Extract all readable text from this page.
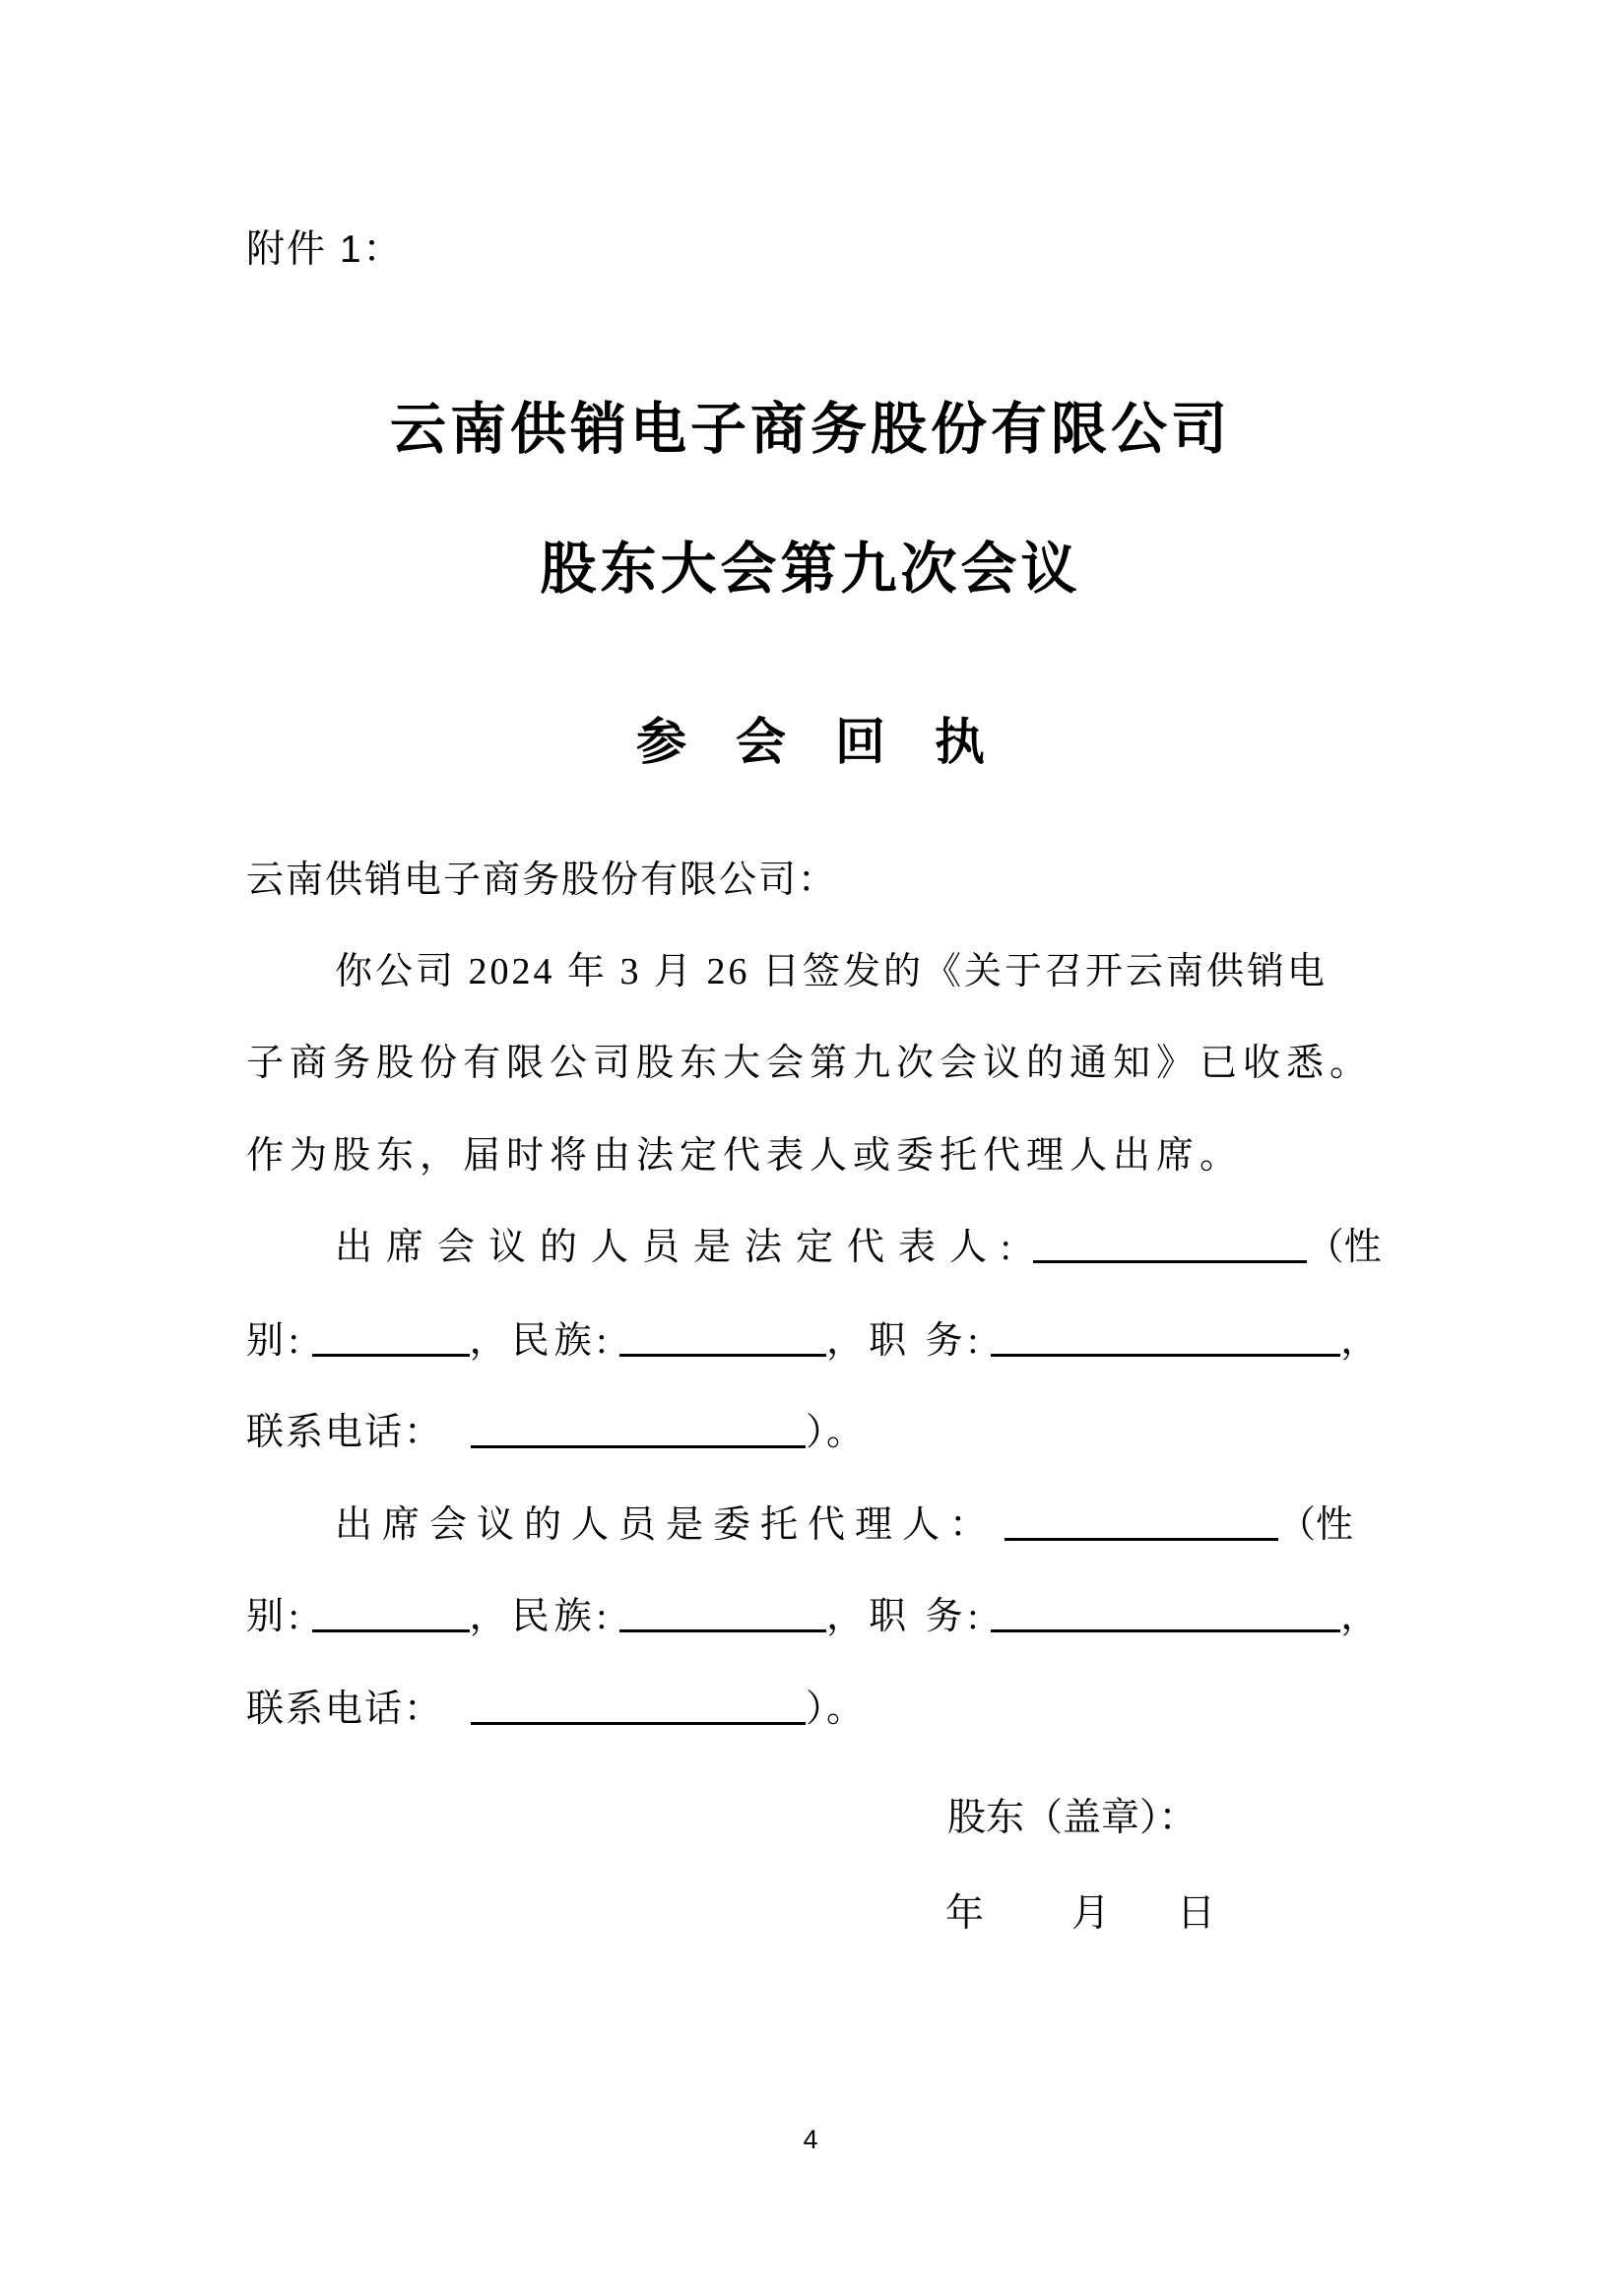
附件 1：
云南供销电子商务股份有限公司
股东大会第九次会议
参会回执
云南供销电子商务股份有限公司：
你公司 2024 年 3 月 26 日签发的《关于召开云南供销电
子商务股份有限公司股东大会第九次会议的通知》已收悉。
作为股东，届时将由法定代表人或委托代理人出席。
出席会议的人员是法定代表人:	（性
别:	，民族:	，职 务:	，
联系电话：	）。
出席会议的人员是委托代理人：	（性
别:	，民族:	，职 务:	，
联系电话：	）。
股东（盖章）：
年 月 日
4
